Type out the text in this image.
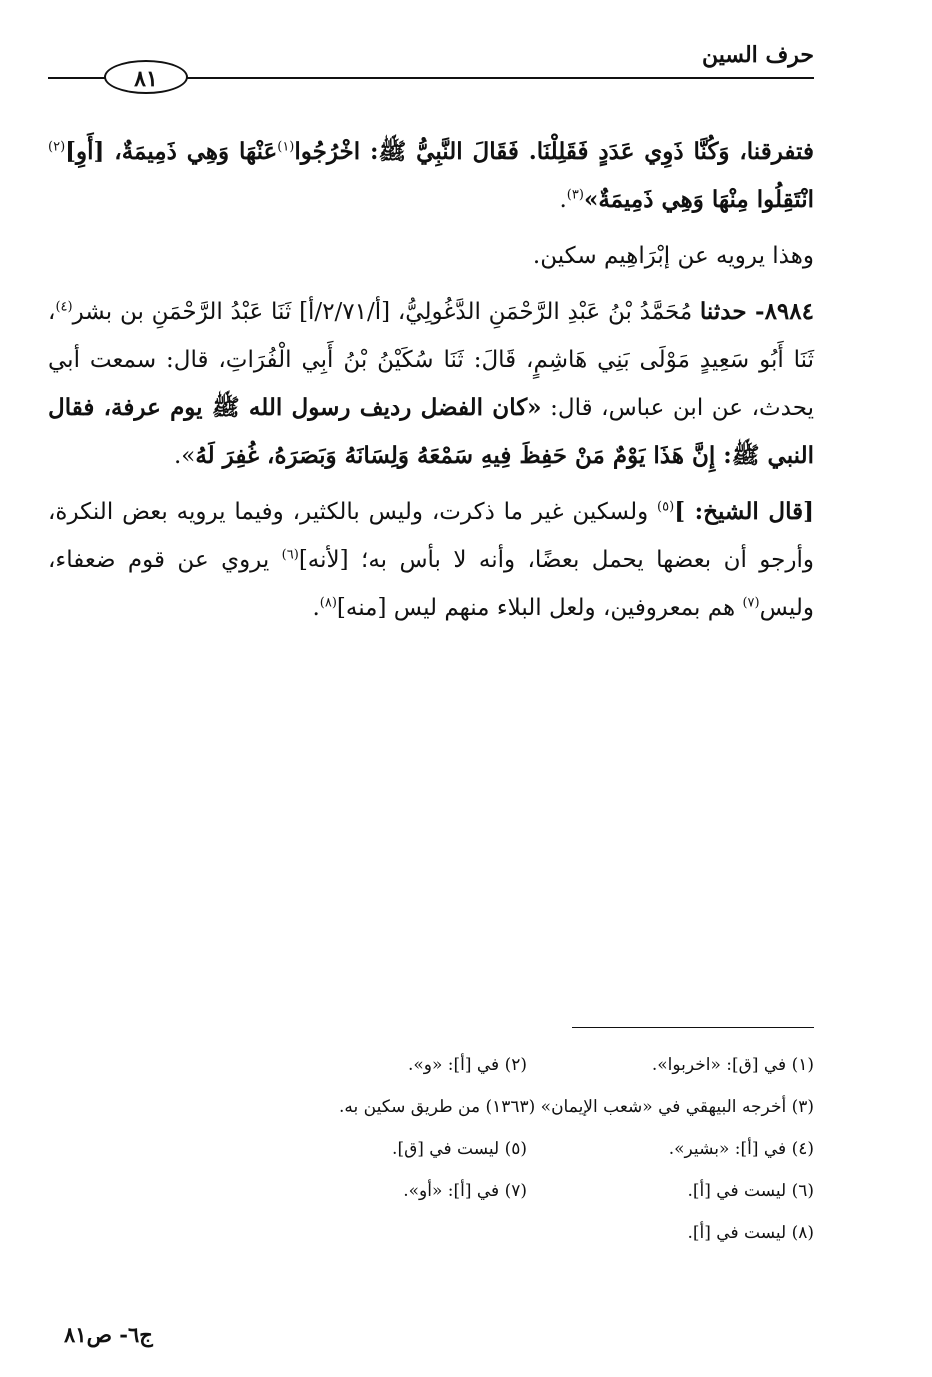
حرف السين
٨١

فتفرقنا، وَكُنَّا ذَوِي عَدَدٍ فَقَلِلْنَا. فَقَالَ النَّبِيُّ ﷺ: اخْرُجُوا$^{(١)}$عَنْهَا وَهِي ذَمِيمَةٌ، [أَوِ]$^{(٢)}$ انْتَقِلُوا مِنْهَا وَهِي ذَمِيمَةٌ»$^{(٣)}$.

وهذا يرويه عن إبْرَاهِيم سكين.

٨٩٨٤- حدثنا مُحَمَّدُ بْنُ عَبْدِ الرَّحْمَنِ الدَّغُولِيُّ، [أ/٢/٧١/أ] ثَنَا عَبْدُ الرَّحْمَنِ بن بشر$^{(٤)}$، ثَنَا أَبُو سَعِيدٍ مَوْلَى بَنِي هَاشِمٍ، قَالَ: ثَنَا سُكَيْنُ بْنُ أَبِي الْفُرَاتِ، قال: سمعت أبي يحدث، عن ابن عباس، قال: «كان الفضل رديف رسول الله ﷺ يوم عرفة، فقال النبي ﷺ: إِنَّ هَذَا يَوْمٌ مَنْ حَفِظَ فِيهِ سَمْعَهُ وَلِسَانَهُ وَبَصَرَهُ، غُفِرَ لَهُ».

[قال الشيخ: ]$^{(٥)}$ ولسكين غير ما ذكرت، وليس بالكثير، وفيما يرويه بعض النكرة، وأرجو أن بعضها يحمل بعضًا، وأنه لا بأس به؛ [لأنه]$^{(٦)}$ يروي عن قوم ضعفاء، وليس$^{(٧)}$ هم بمعروفين، ولعل البلاء منهم ليس [منه]$^{(٨)}$.

(١) في [ق]: «اخربوا».
(٢) في [أ]: «و».
(٣) أخرجه البيهقي في «شعب الإيمان» (١٣٦٣) من طريق سكين به.
(٤) في [أ]: «بشير».
(٥) ليست في [ق].
(٦) ليست في [أ].
(٧) في [أ]: «أو».
(٨) ليست في [أ].
ج٦- ص٨١
